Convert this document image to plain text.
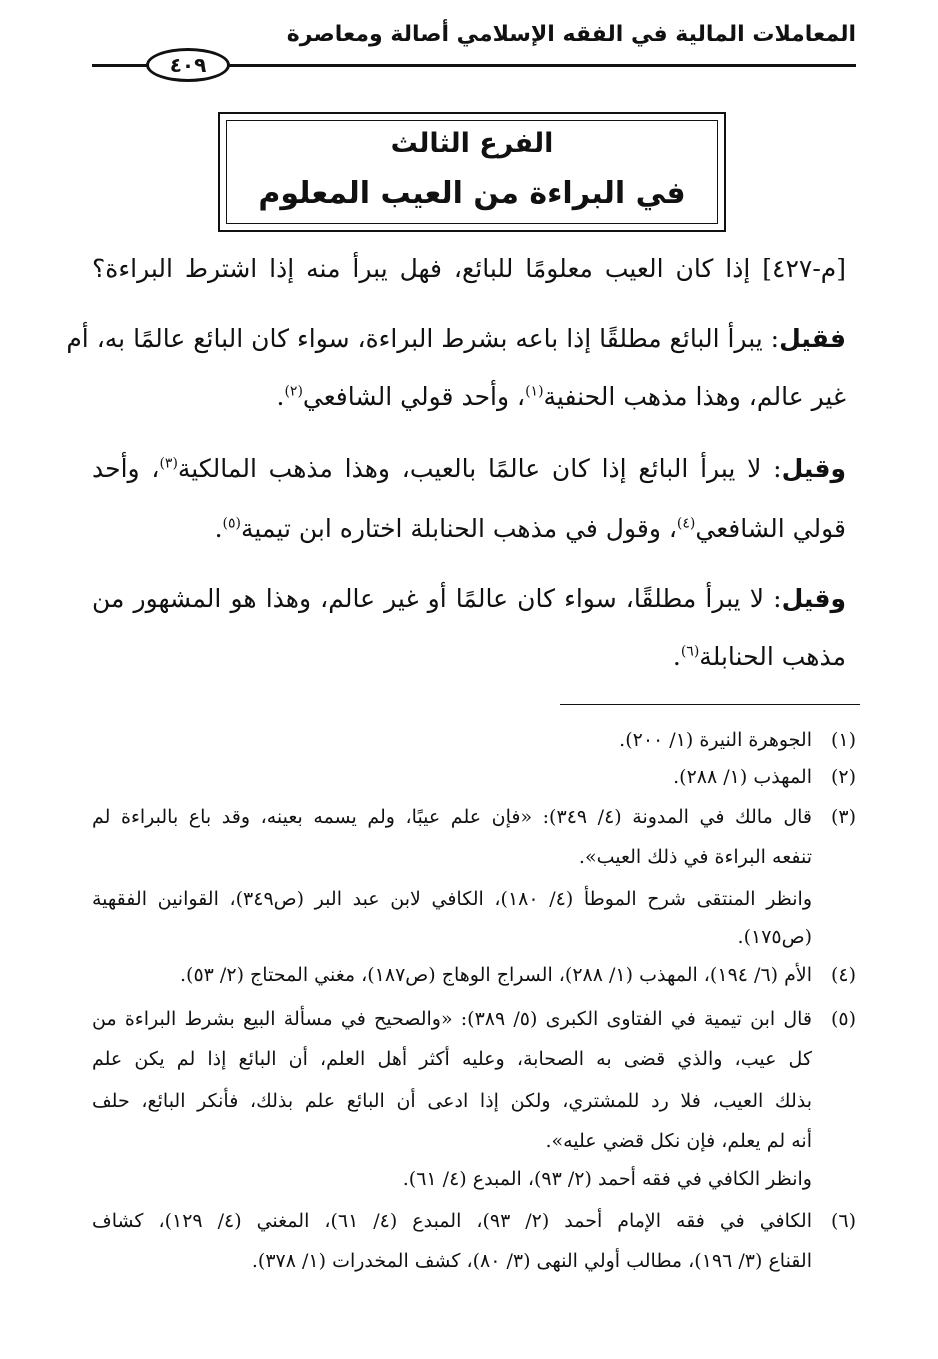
المعاملات المالية في الفقه الإسلامي أصالة ومعاصرة
٤٠٩
الفرع الثالث
في البراءة من العيب المعلوم
[م-٤٢٧] إذا كان العيب معلومًا للبائع، فهل يبرأ منه إذا اشترط البراءة؟
فقيل: يبرأ البائع مطلقًا إذا باعه بشرط البراءة، سواء كان البائع عالمًا به، أم
غير عالم، وهذا مذهب الحنفية$^{(١)}$، وأحد قولي الشافعي$^{(٢)}$.
وقيل: لا يبرأ البائع إذا كان عالمًا بالعيب، وهذا مذهب المالكية$^{(٣)}$، وأحد
قولي الشافعي$^{(٤)}$، وقول في مذهب الحنابلة اختاره ابن تيمية$^{(٥)}$.
وقيل: لا يبرأ مطلقًا، سواء كان عالمًا أو غير عالم، وهذا هو المشهور من
مذهب الحنابلة$^{(٦)}$.
(١)الجوهرة النيرة (١/ ٢٠٠).
(٢)المهذب (١/ ٢٨٨).
(٣)قال مالك في المدونة (٤/ ٣٤٩): «فإن علم عيبًا، ولم يسمه بعينه، وقد باع بالبراءة لم
تنفعه البراءة في ذلك العيب».
وانظر المنتقى شرح الموطأ (٤/ ١٨٠)، الكافي لابن عبد البر (ص٣٤٩)، القوانين الفقهية
(ص١٧٥).
(٤)الأم (٦/ ١٩٤)، المهذب (١/ ٢٨٨)، السراج الوهاج (ص١٨٧)، مغني المحتاج (٢/ ٥٣).
(٥)قال ابن تيمية في الفتاوى الكبرى (٥/ ٣٨٩): «والصحيح في مسألة البيع بشرط البراءة من
كل عيب، والذي قضى به الصحابة، وعليه أكثر أهل العلم، أن البائع إذا لم يكن علم
بذلك العيب، فلا رد للمشتري، ولكن إذا ادعى أن البائع علم بذلك، فأنكر البائع، حلف
أنه لم يعلم، فإن نكل قضي عليه».
وانظر الكافي في فقه أحمد (٢/ ٩٣)، المبدع (٤/ ٦١).
(٦)الكافي في فقه الإمام أحمد (٢/ ٩٣)، المبدع (٤/ ٦١)، المغني (٤/ ١٢٩)، كشاف
القناع (٣/ ١٩٦)، مطالب أولي النهى (٣/ ٨٠)، كشف المخدرات (١/ ٣٧٨).
